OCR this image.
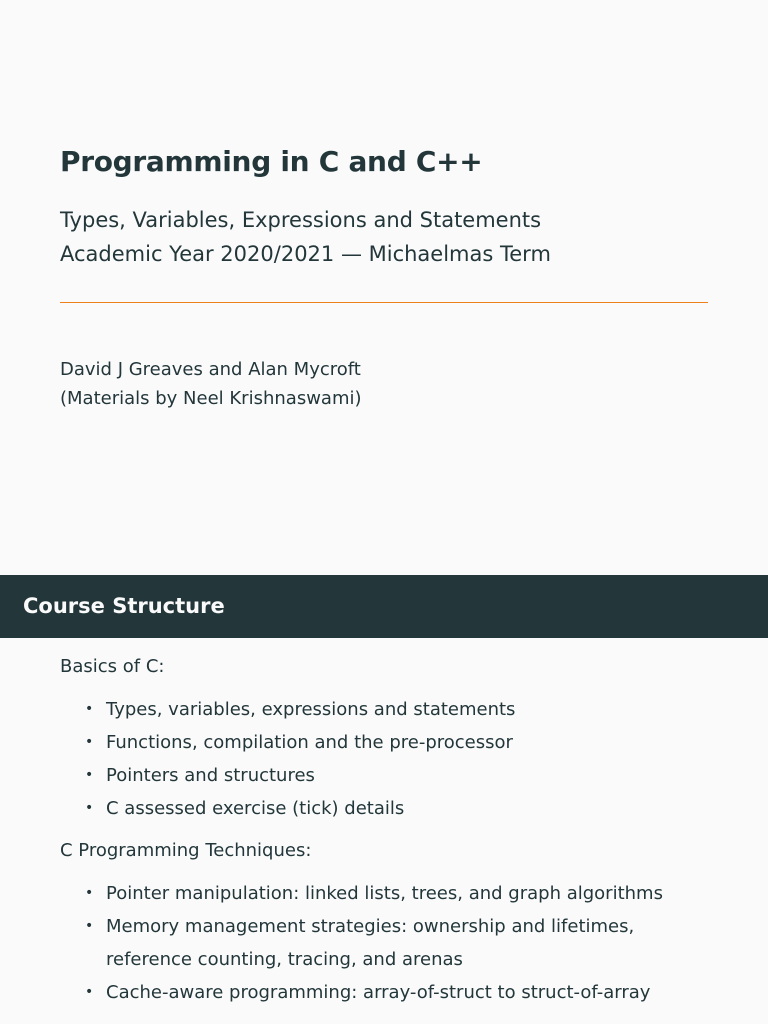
Programming in C and C++
Types, Variables, Expressions and Statements
Academic Year 2020/2021 — Michaelmas Term
David J Greaves and Alan Mycroft
(Materials by Neel Krishnaswami)
Course Structure
Basics of C:
• Types, variables, expressions and statements
• Functions, compilation and the pre-processor
• Pointers and structures
• C assessed exercise (tick) details
C Programming Techniques:
• Pointer manipulation: linked lists, trees, and graph algorithms
• Memory management strategies: ownership and lifetimes,
reference counting, tracing, and arenas
• Cache-aware programming: array-of-struct to struct-of-array
